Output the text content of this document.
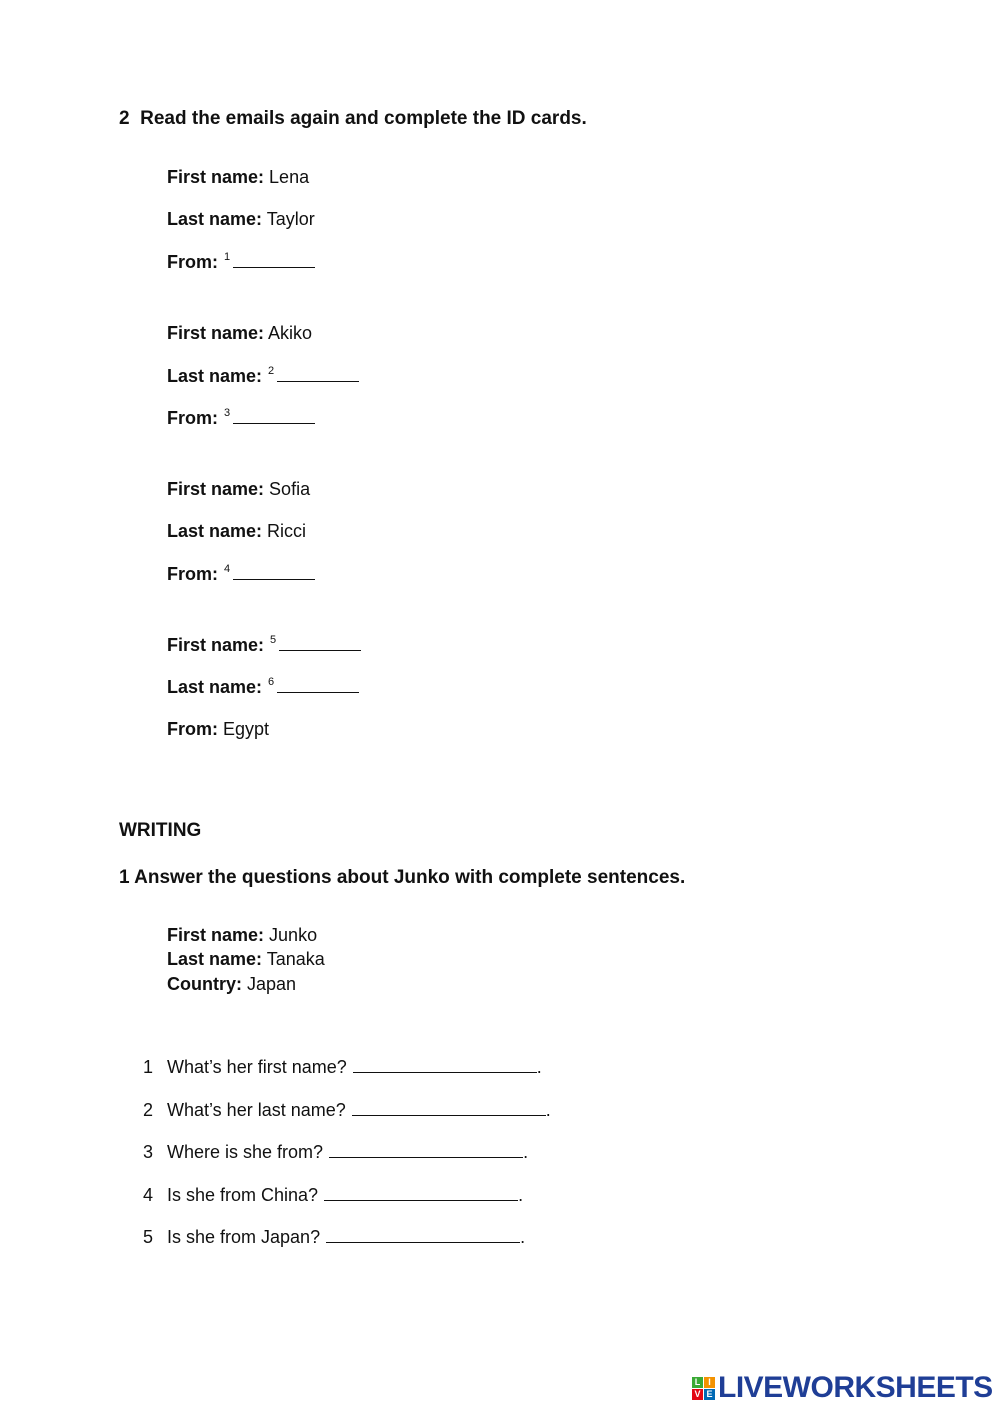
2 Read the emails again and complete the ID cards.
First name: Lena
Last name: Taylor
From: $^1$
First name: Akiko
Last name: $^2$
From: $^3$
First name: Sofia
Last name: Ricci
From: $^4$
First name: $^5$
Last name: $^6$
From: Egypt
WRITING
1 Answer the questions about Junko with complete sentences.
First name: Junko
Last name: Tanaka
Country: Japan
1 What’s her first name?	.
2 What’s her last name?	.
3 Where is she from?	.
4 Is she from China?	.
5 Is she from Japan?	.
L I
V E LIVEWORKSHEETS
